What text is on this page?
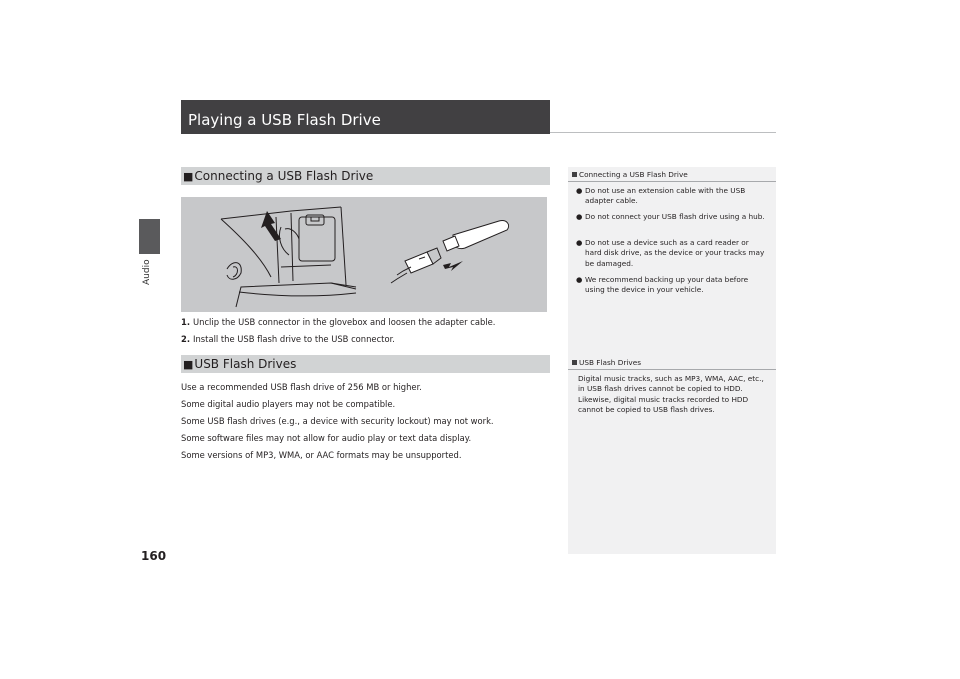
Audio
160
Playing a USB Flash Drive
■Connecting a USB Flash Drive
1. Unclip the USB connector in the glovebox and loosen the adapter cable.
2. Install the USB flash drive to the USB connector.
■USB Flash Drives
Use a recommended USB flash drive of 256 MB or higher.
Some digital audio players may not be compatible.
Some USB flash drives (e.g., a device with security lockout) may not work.
Some software files may not allow for audio play or text data display.
Some versions of MP3, WMA, or AAC formats may be unsupported.
Connecting a USB Flash Drive
● Do not use an extension cable with the USB adapter cable.
● Do not connect your USB flash drive using a hub.
● Do not use a device such as a card reader or hard disk drive, as the device or your tracks may be damaged.
● We recommend backing up your data before using the device in your vehicle.
USB Flash Drives
Digital music tracks, such as MP3, WMA, AAC, etc., in USB flash drives cannot be copied to HDD. Likewise, digital music tracks recorded to HDD cannot be copied to USB flash drives.
